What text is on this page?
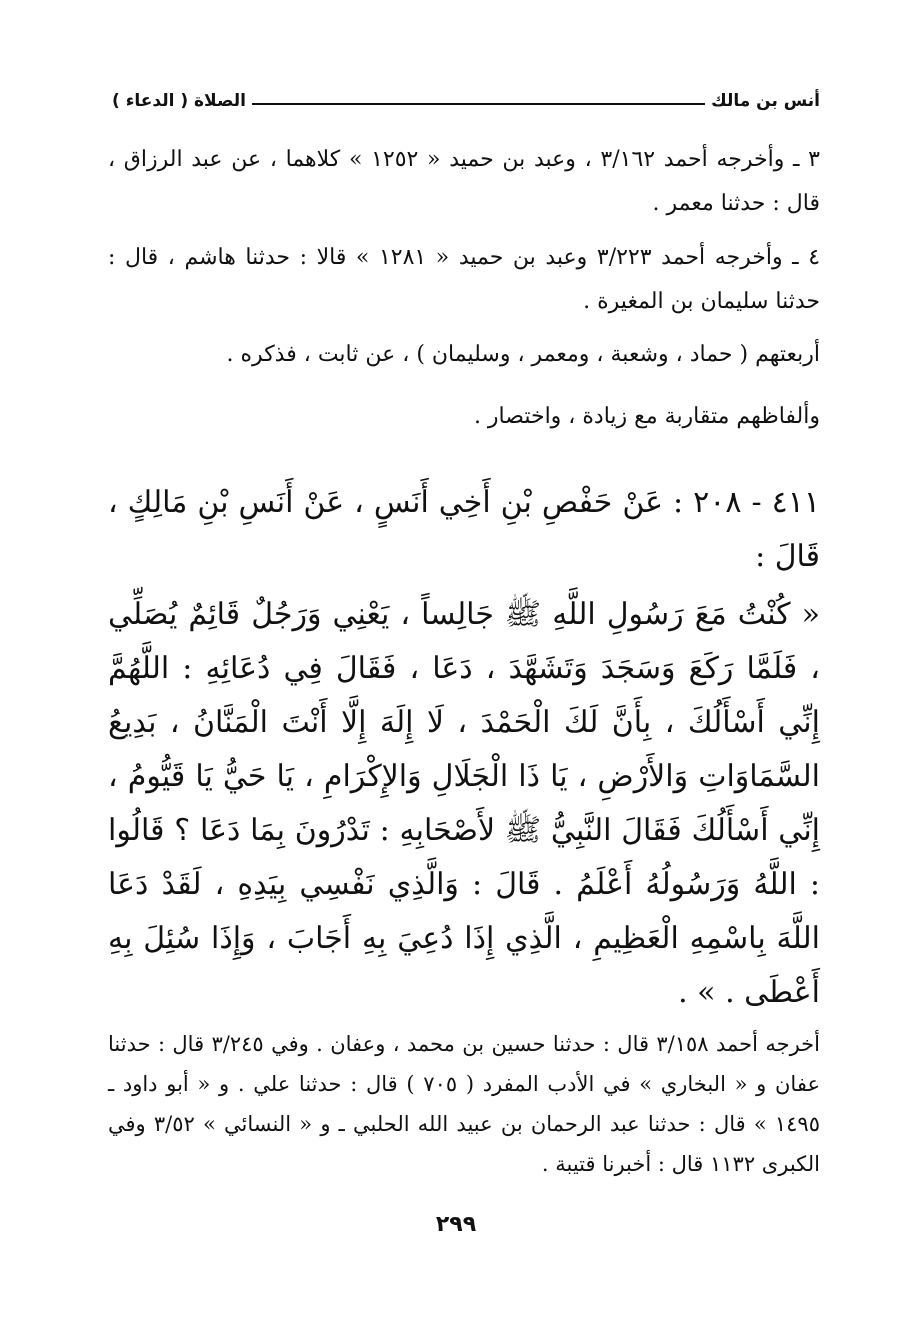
أنس بن مالك
الصلاة ( الدعاء )

٣ ـ وأخرجه أحمد ٣/١٦٢ ، وعبد بن حميد « ١٢٥٢ » كلاهما ، عن عبد الرزاق ، قال : حدثنا معمر .

٤ ـ وأخرجه أحمد ٣/٢٢٣ وعبد بن حميد « ١٢٨١ » قالا : حدثنا هاشم ، قال : حدثنا سليمان بن المغيرة .

أربعتهم ( حماد ، وشعبة ، ومعمر ، وسليمان ) ، عن ثابت ، فذكره .

وألفاظهم متقاربة مع زيادة ، واختصار .

٤١١ - ٢٠٨ : عَنْ حَفْصِ بْنِ أَخِي أَنَسٍ ، عَنْ أَنَسِ بْنِ مَالِكٍ ، قَالَ :

« كُنْتُ مَعَ رَسُولِ اللَّهِ ﷺ جَالِساً ، يَعْنِي وَرَجُلٌ قَائِمٌ يُصَلِّي ، فَلَمَّا رَكَعَ وَسَجَدَ وَتَشَهَّدَ ، دَعَا ، فَقَالَ فِي دُعَائِهِ : اللَّهُمَّ إِنِّي أَسْأَلُكَ ، بِأَنَّ لَكَ الْحَمْدَ ، لَا إِلَهَ إِلَّا أَنْتَ الْمَنَّانُ ، بَدِيعُ السَّمَاوَاتِ وَالأَرْضِ ، يَا ذَا الْجَلَالِ وَالإِكْرَامِ ، يَا حَيُّ يَا قَيُّومُ ، إِنِّي أَسْأَلُكَ فَقَالَ النَّبِيُّ ﷺ لأَصْحَابِهِ : تَدْرُونَ بِمَا دَعَا ؟ قَالُوا : اللَّهُ وَرَسُولُهُ أَعْلَمُ . قَالَ : وَالَّذِي نَفْسِي بِيَدِهِ ، لَقَدْ دَعَا اللَّهَ بِاسْمِهِ الْعَظِيمِ ، الَّذِي إِذَا دُعِيَ بِهِ أَجَابَ ، وَإِذَا سُئِلَ بِهِ أَعْطَى . » .

أخرجه أحمد ٣/١٥٨ قال : حدثنا حسين بن محمد ، وعفان . وفي ٣/٢٤٥ قال : حدثنا عفان و « البخاري » في الأدب المفرد ( ٧٠٥ ) قال : حدثنا علي . و « أبو داود ـ ١٤٩٥ » قال : حدثنا عبد الرحمان بن عبيد الله الحلبي ـ و « النسائي » ٣/٥٢ وفي الكبرى ١١٣٢ قال : أخبرنا قتيبة .

٢٩٩
